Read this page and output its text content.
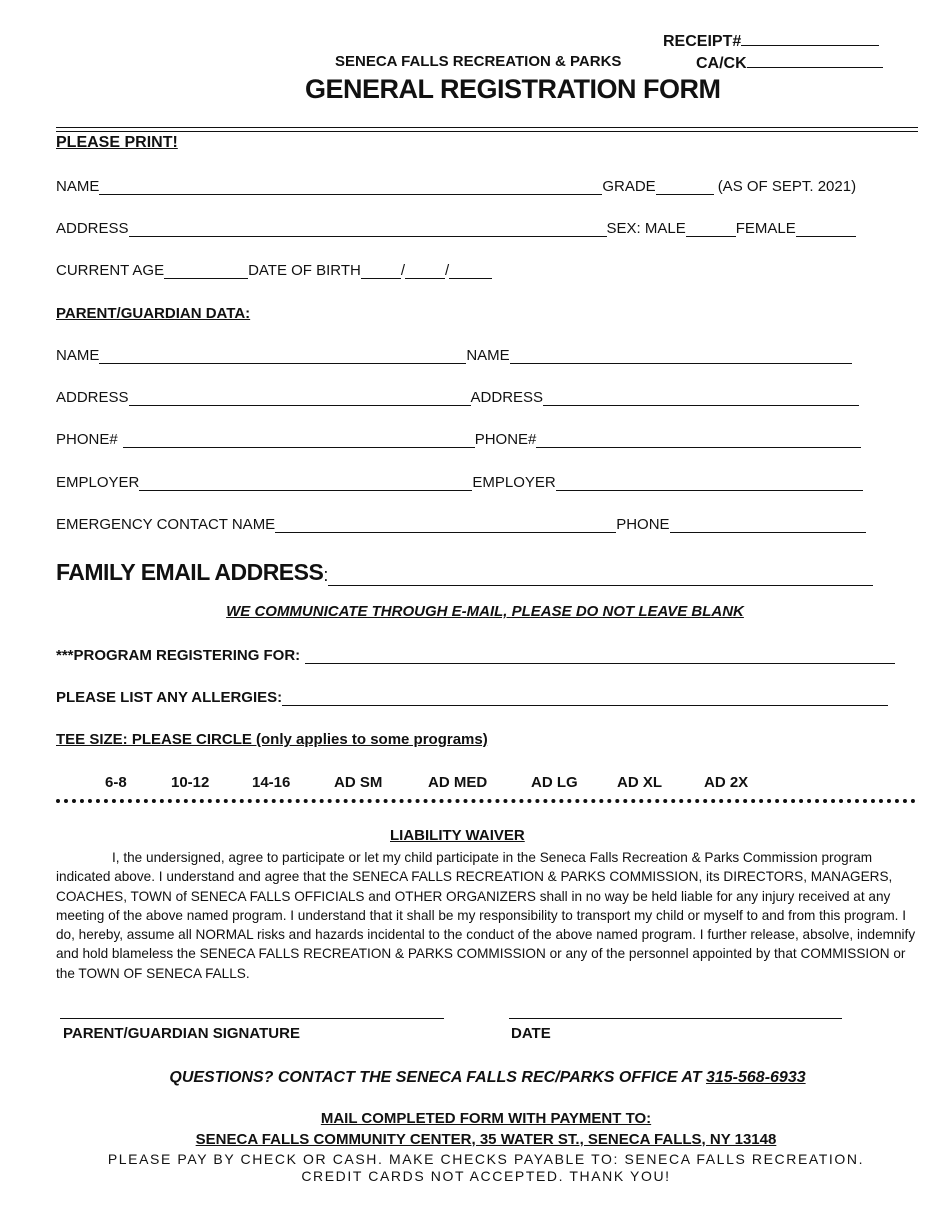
RECEIPT#
SENECA FALLS RECREATION & PARKS	CA/CK
GENERAL REGISTRATION FORM
PLEASE PRINT!
NAME	GRADE	(AS OF SEPT. 2021)
ADDRESS	SEX: MALE	FEMALE
CURRENT AGE	DATE OF BIRTH	/	/
PARENT/GUARDIAN DATA:
NAME	NAME
ADDRESS	ADDRESS
PHONE#	PHONE#
EMPLOYER	EMPLOYER
EMERGENCY CONTACT NAME	PHONE
FAMILY EMAIL ADDRESS :
WE COMMUNICATE THROUGH E-MAIL, PLEASE DO NOT LEAVE BLANK
***PROGRAM REGISTERING FOR:
PLEASE LIST ANY ALLERGIES:
TEE SIZE: PLEASE CIRCLE (only applies to some programs)
6-8	10-12	14-16	AD SM	AD MED	AD LG	AD XL	AD 2X
LIABILITY WAIVER
I, the undersigned, agree to participate or let my child participate in the Seneca Falls Recreation & Parks Commission program indicated above. I understand and agree that the SENECA FALLS RECREATION & PARKS COMMISSION, its DIRECTORS, MANAGERS, COACHES, TOWN of SENECA FALLS OFFICIALS and OTHER ORGANIZERS shall in no way be held liable for any injury received at any meeting of the above named program. I understand that it shall be my responsibility to transport my child or myself to and from this program. I do, hereby, assume all NORMAL risks and hazards incidental to the conduct of the above named program. I further release, absolve, indemnify and hold blameless the SENECA FALLS RECREATION & PARKS COMMISSION or any of the personnel appointed by that COMMISSION or the TOWN OF SENECA FALLS.
PARENT/GUARDIAN SIGNATURE	DATE
QUESTIONS? CONTACT THE SENECA FALLS REC/PARKS OFFICE AT 315-568-6933
MAIL COMPLETED FORM WITH PAYMENT TO:
SENECA FALLS COMMUNITY CENTER, 35 WATER ST., SENECA FALLS, NY 13148
PLEASE PAY BY CHECK OR CASH. MAKE CHECKS PAYABLE TO: SENECA FALLS RECREATION.
CREDIT CARDS NOT ACCEPTED. THANK YOU!
